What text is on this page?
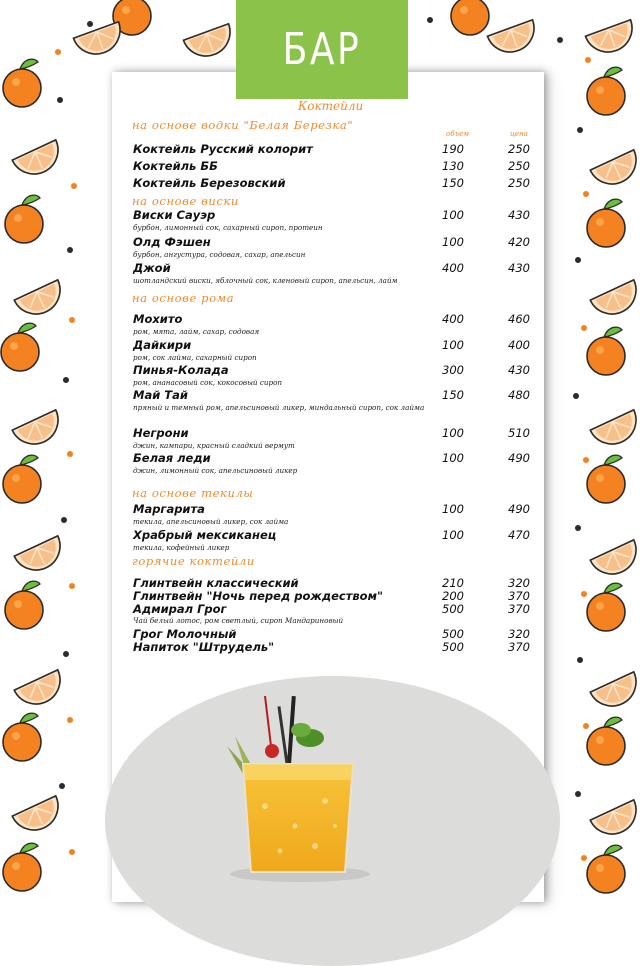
БАР
Коктейли
объем	цена
на основе водки "Белая Березка"
Коктейль Русский колорит	190	250
Коктейль ББ	130	250
Коктейль Березовский	150	250
на основе виски
Виски Сауэр	100	430
бурбон, лимонный сок, сахарный сироп, протеин
Олд Фэшен	100	420
бурбон, ангустура, содовая, сахар, апельсин
Джой	400	430
шотландский виски, яблочный сок, кленовый сироп, апельсин, лайм
на основе рома
Мохито	400	460
ром, мята, лайм, сахар, содовая
Дайкири	100	400
ром, сок лайма, сахарный сироп
Пинья-Колада	300	430
ром, ананасовый сок, кокосовый сироп
Май Тай	150	480
пряный и темный ром, апельсиновый ликер, миндальный сироп, сок лайма
Негрони	100	510
джин, кампари, красный сладкий вермут
Белая леди	100	490
джин, лимонный сок, апельсиновый ликер
на основе текилы
Маргарита	100	490
текила, апельсиновый ликер, сок лайма
Храбрый мексиканец	100	470
текила, кофейный ликер
горячие коктейли
Глинтвейн классический	210	320
Глинтвейн "Ночь перед рождеством"	200	370
Адмирал Грог	500	370
Чай белый лотос, ром светлый, сироп Мандариновый
Грог Молочный	500	320
Напиток "Штрудель"	500	370
